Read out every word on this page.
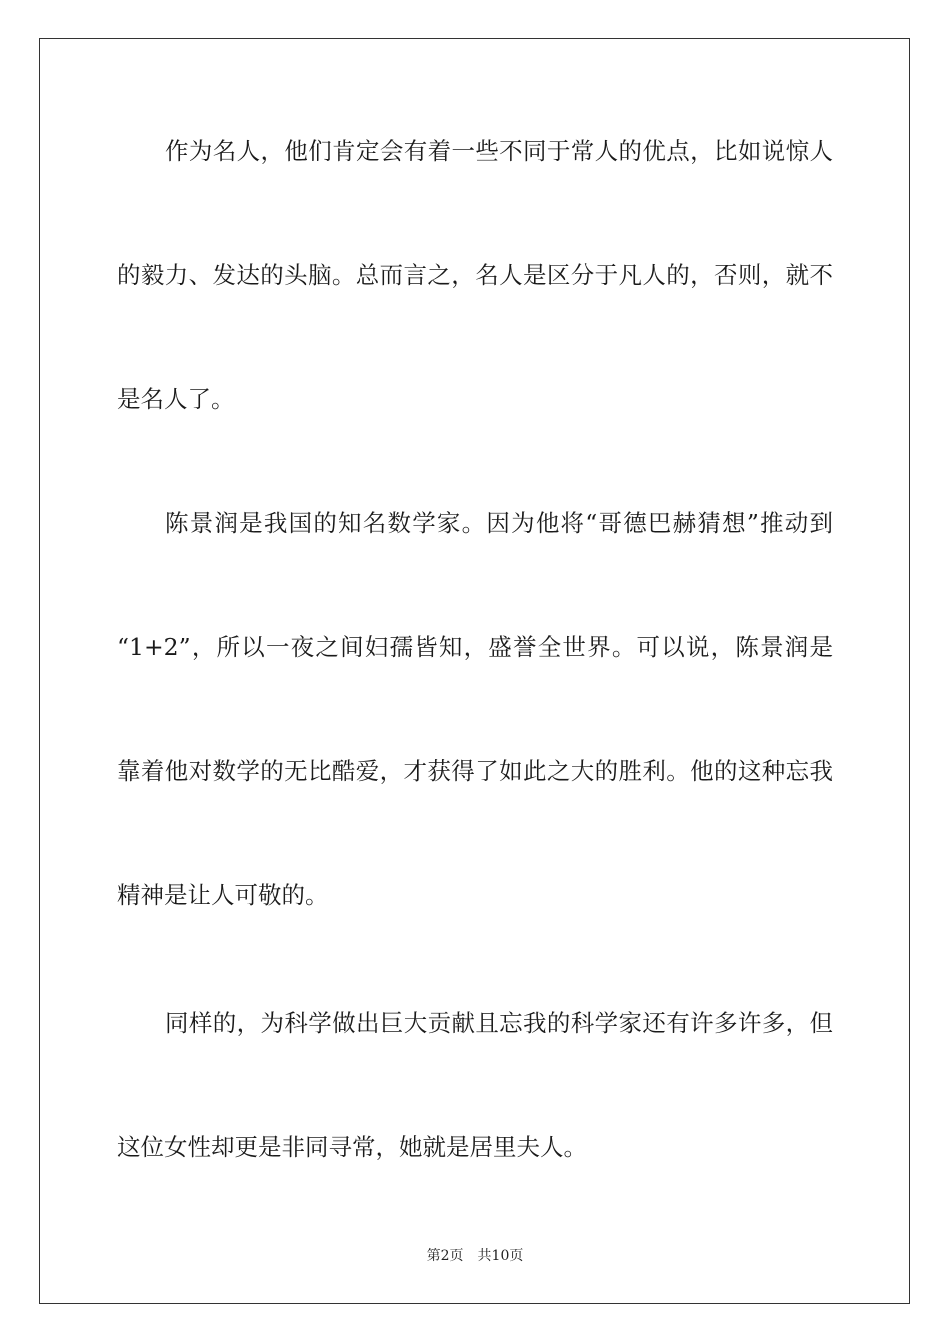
作为名人，他们肯定会有着一些不同于常人的优点，比如说惊人
的毅力、发达的头脑。总而言之，名人是区分于凡人的，否则，就不
是名人了。
陈景润是我国的知名数学家。因为他将“哥德巴赫猜想”推动到
“1+2”，所以一夜之间妇孺皆知，盛誉全世界。可以说，陈景润是
靠着他对数学的无比酷爱，才获得了如此之大的胜利。他的这种忘我
精神是让人可敬的。
同样的，为科学做出巨大贡献且忘我的科学家还有许多许多，但
这位女性却更是非同寻常，她就是居里夫人。
第2页　共10页
